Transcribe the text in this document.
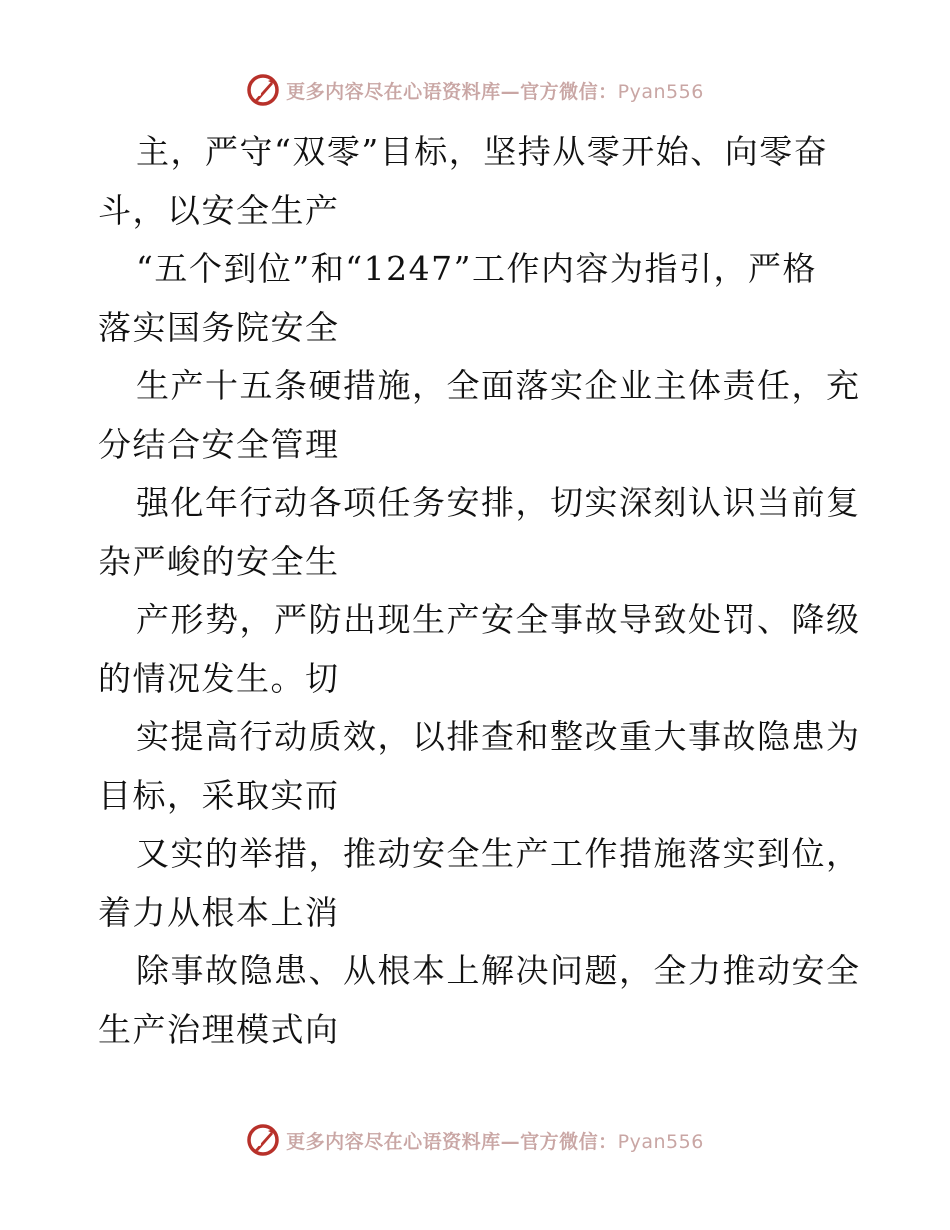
更多内容尽在心语资料库—官方微信：Pyan556
主，严守“双零”目标，坚持从零开始、向零奋
斗，以安全生产
“五个到位”和“1247”工作内容为指引，严格
落实国务院安全
生产十五条硬措施，全面落实企业主体责任，充
分结合安全管理
强化年行动各项任务安排，切实深刻认识当前复
杂严峻的安全生
产形势，严防出现生产安全事故导致处罚、降级
的情况发生。切
实提高行动质效，以排查和整改重大事故隐患为
目标，采取实而
又实的举措，推动安全生产工作措施落实到位，
着力从根本上消
除事故隐患、从根本上解决问题，全力推动安全
生产治理模式向
更多内容尽在心语资料库—官方微信：Pyan556
